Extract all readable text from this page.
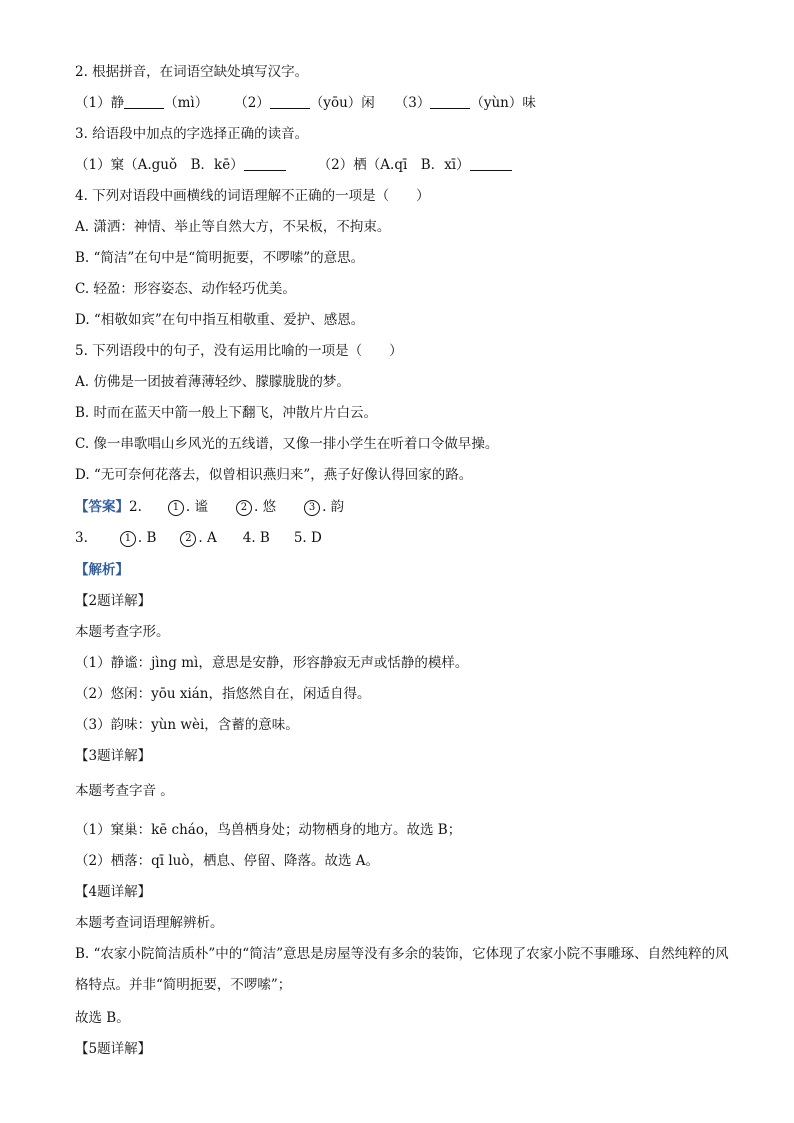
2. 根据拼音，在词语空缺处填写汉字。
（1）静	（mì） （2）	（yōu）闲 （3）	（yùn）味
3. 给语段中加点的字选择正确的读音。
（1）窠（A.guǒ　B．kē）	（2）栖（A.qī　B．xī）
4. 下列对语段中画横线的词语理解不正确的一项是（　　）
A. 潇洒：神情、举止等自然大方，不呆板，不拘束。
B. “简洁”在句中是“简明扼要，不啰嗦”的意思。
C. 轻盈：形容姿态、动作轻巧优美。
D. “相敬如宾”在句中指互相敬重、爱护、感恩。
5. 下列语段中的句子，没有运用比喻的一项是（　　）
A. 仿佛是一团披着薄薄轻纱、朦朦胧胧的梦。
B. 时而在蓝天中箭一般上下翻飞，冲散片片白云。
C. 像一串歌唱山乡风光的五线谱，又像一排小学生在听着口令做早操。
D. “无可奈何花落去，似曾相识燕归来”，燕子好像认得回家的路。
【答案】2.	1 . 谧	2 . 悠	3 . 韵
3.	1 . B	2 . A 4. B 5. D
【解析】
【2题详解】
本题考查字形。
（1）静谧：jìng mì，意思是安静，形容静寂无声或恬静的模样。
（2）悠闲：yōu xián，指悠然自在，闲适自得。
（3）韵味：yùn wèi，含蓄的意味。
【3题详解】
本题考查字音 。
（1）窠巢：kē cháo，鸟兽栖身处；动物栖身的地方。故选 B；
（2）栖落：qī luò，栖息、停留、降落。故选 A。
【4题详解】
本题考查词语理解辨析。
B. “农家小院简洁质朴”中的“简洁”意思是房屋等没有多余的装饰，它体现了农家小院不事雕琢、自然纯粹的风格特点。并非“简明扼要，不啰嗦”；
故选 B。
【5题详解】
